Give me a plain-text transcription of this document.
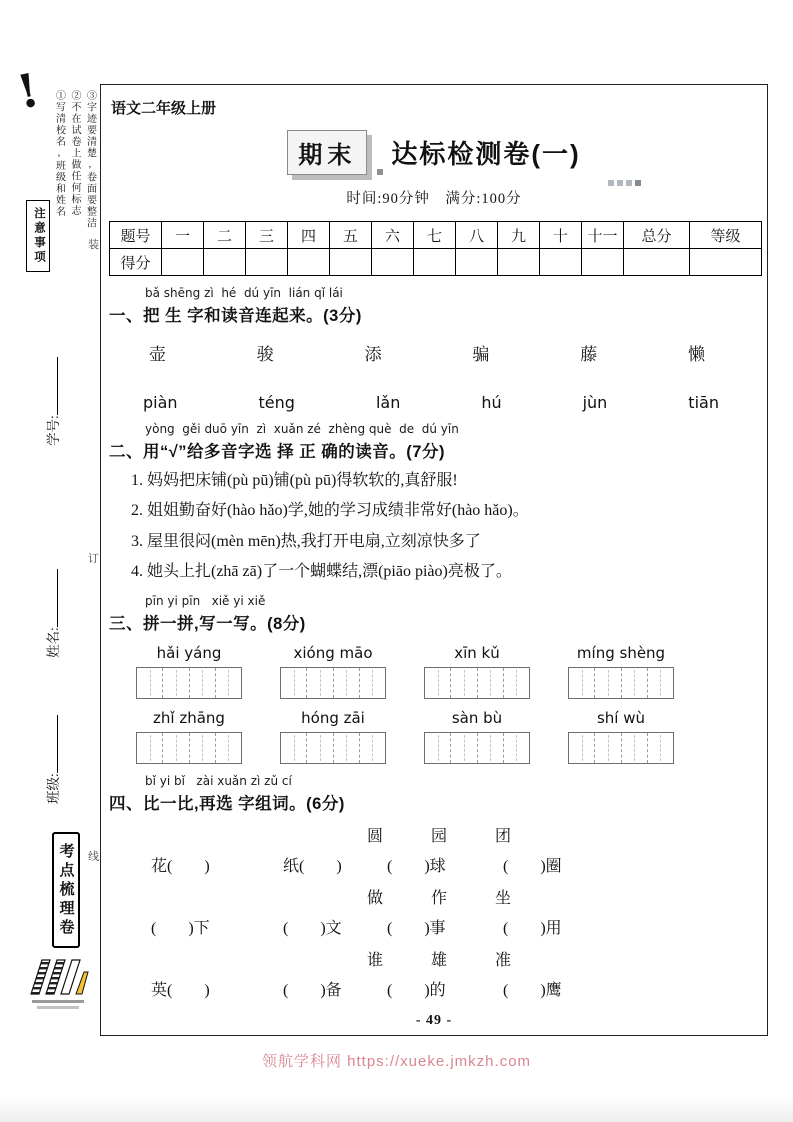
! ①写清校名,班级和姓名 ②不在试卷上做任何标志 ③字迹要清楚,卷面要整洁
注意事项	装
订
线
学号:
姓名:
班级:
考点梳理卷
语文二年级上册
期末 达标检测卷(一)
时间:90分钟　满分:100分
题号	一	二	三	四	五	六	七	八	九	十	十一	总分	等级
得分													
bǎ shēng zì  hé  dú yīn  lián qǐ lái
一、把 生 字和读音连起来。(3分)
壶	骏	添	骗	藤	懒
piàn	téng	lǎn	hú	jùn	tiān
yòng  gěi duō yīn  zì  xuǎn zé  zhèng què  de  dú yīn
二、用“√”给多音字选 择 正 确的读音。(7分)
1. 妈妈把床铺(pù pū)铺(pù pū)得软软的,真舒服!
2. 姐姐勤奋好(hào hǎo)学,她的学习成绩非常好(hào hǎo)。
3. 屋里很闷(mèn mēn)热,我打开电扇,立刻凉快多了
4. 她头上扎(zhā zā)了一个蝴蝶结,漂(piāo piào)亮极了。
pīn yi pīn   xiě yi xiě
三、拼一拼,写一写。(8分)
hǎi yáng	xióng māo	xīn kǔ	míng shèng
zhǐ zhāng	hóng zāi	sàn bù	shí wù
bǐ yi bǐ   zài xuǎn zì zǔ cí
四、比一比,再选 字组词。(6分)
圆	园	团
花(　　)	纸(　　)	(　　)球	(　　)圈
做	作	坐
(　　)下	(　　)文	(　　)事	(　　)用
谁	雄	准
英(　　)	(　　)备	(　　)的	(　　)鹰
- 49 -
领航学科网 https://xueke.jmkzh.com
